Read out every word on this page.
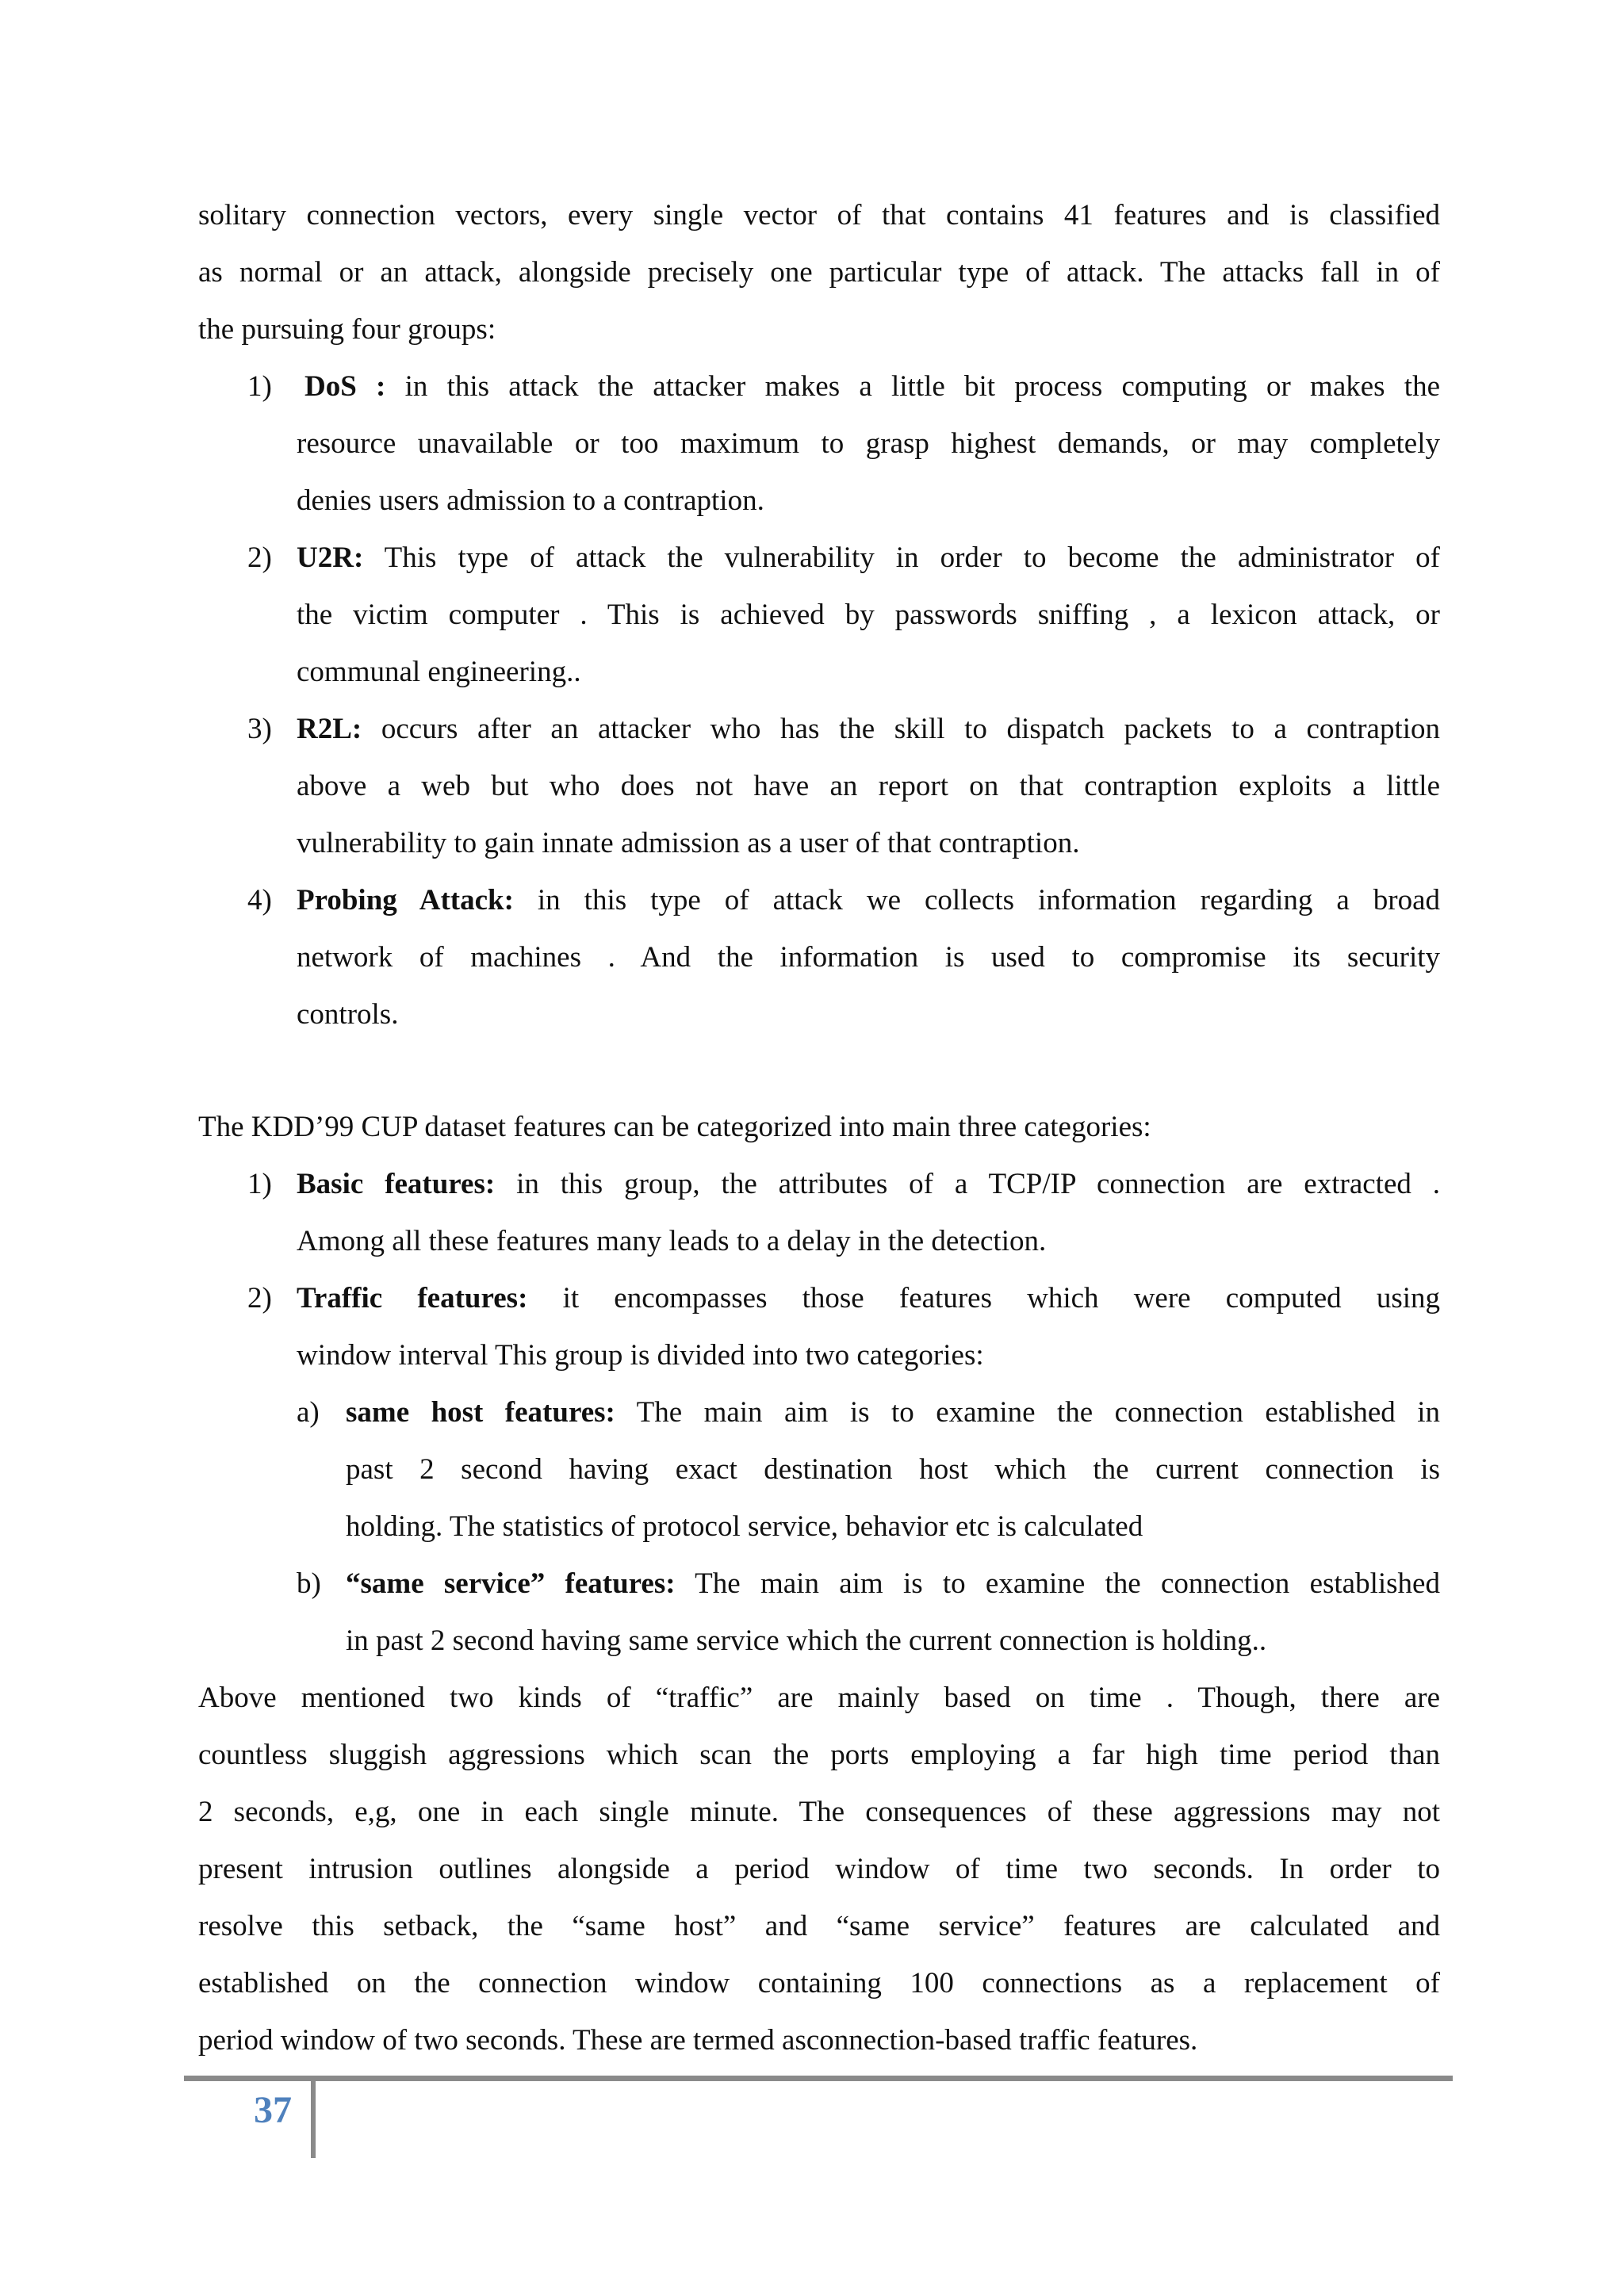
solitary connection vectors, every single vector of that contains 41 features and is classified
as normal or an attack, alongside precisely one particular type of attack. The attacks fall in of
the pursuing four groups:
1) DoS : in this attack the attacker makes a little bit process computing or makes the
resource unavailable or too maximum to grasp highest demands, or may completely
denies users admission to a contraption.
2) U2R: This type of attack the vulnerability in order to become the administrator of
the victim computer . This is achieved by passwords sniffing , a lexicon attack, or
communal engineering..
3) R2L: occurs after an attacker who has the skill to dispatch packets to a contraption
above a web but who does not have an report on that contraption exploits a little
vulnerability to gain innate admission as a user of that contraption.
4) Probing Attack: in this type of attack we collects information regarding a broad
network of machines . And the information is used to compromise its security
controls.
The KDD’99 CUP dataset features can be categorized into main three categories:
1) Basic features: in this group, the attributes of a TCP/IP connection are extracted .
Among all these features many leads to a delay in the detection.
2) Traffic features: it encompasses those features which were computed using
window interval This group is divided into two categories:
a) same host features: The main aim is to examine the connection established in
past 2 second having exact destination host which the current connection is
holding. The statistics of protocol service, behavior etc is calculated
b) “same service” features: The main aim is to examine the connection established
in past 2 second having same service which the current connection is holding..
Above mentioned two kinds of “traffic” are mainly based on time . Though, there are
countless sluggish aggressions which scan the ports employing a far high time period than
2 seconds, e,g, one in each single minute. The consequences of these aggressions may not
present intrusion outlines alongside a period window of time two seconds. In order to
resolve this setback, the “same host” and “same service” features are calculated and
established on the connection window containing 100 connections as a replacement of
period window of two seconds. These are termed asconnection-based traffic features.
37
